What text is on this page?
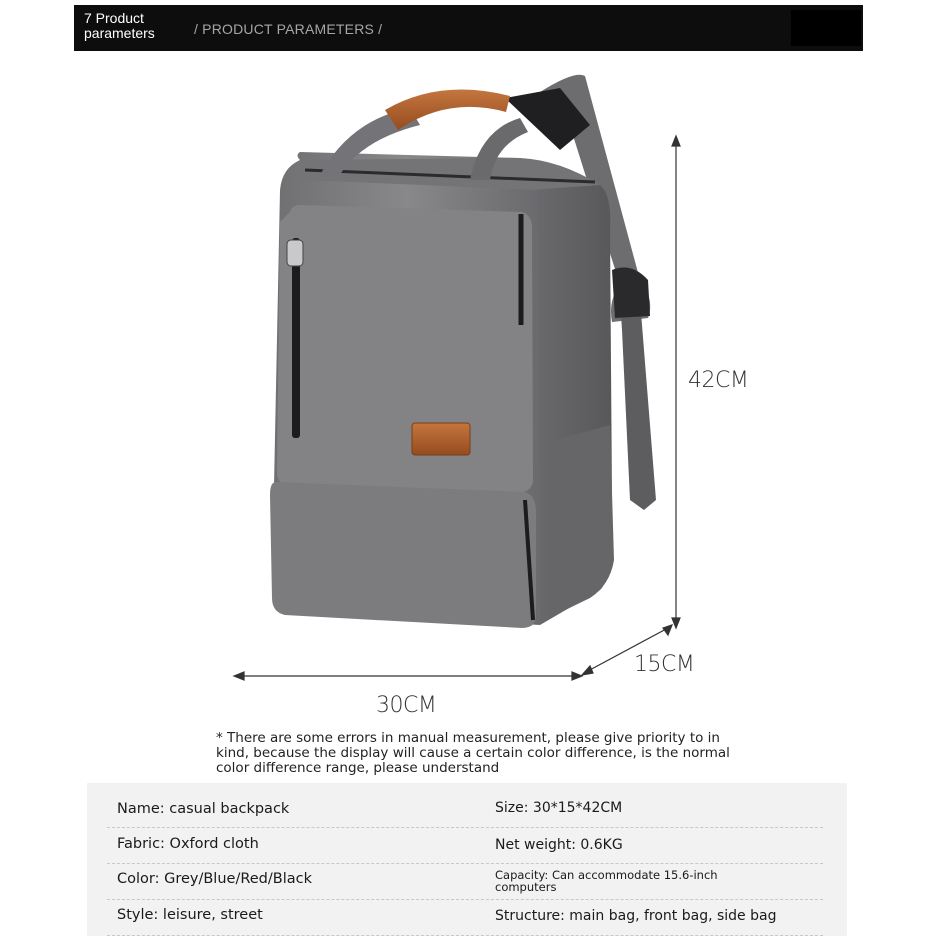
7 Product parameters	/ PRODUCT PARAMETERS /
42CM
15CM
30CM
* There are some errors in manual measurement, please give priority to in kind, because the display will cause a certain color difference, is the normal color difference range, please understand
Name: casual backpack	Size: 30*15*42CM
Fabric: Oxford cloth	Net weight: 0.6KG
Color: Grey/Blue/Red/Black	Capacity: Can accommodate 15.6-inch computers
Style: leisure, street	Structure: main bag, front bag, side bag
